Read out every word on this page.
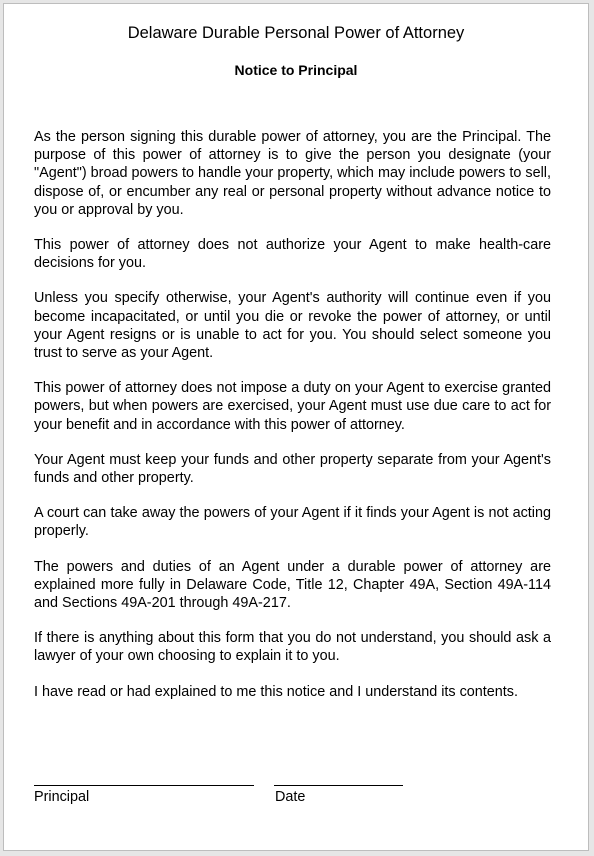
Delaware Durable Personal Power of Attorney
Notice to Principal

As the person signing this durable power of attorney, you are the Principal. The purpose of this power of attorney is to give the person you designate (your "Agent") broad powers to handle your property, which may include powers to sell, dispose of, or encumber any real or personal property without advance notice to you or approval by you.

This power of attorney does not authorize your Agent to make health-care decisions for you.

Unless you specify otherwise, your Agent's authority will continue even if you become incapacitated, or until you die or revoke the power of attorney, or until your Agent resigns or is unable to act for you. You should select someone you trust to serve as your Agent.

This power of attorney does not impose a duty on your Agent to exercise granted powers, but when powers are exercised, your Agent must use due care to act for your benefit and in accordance with this power of attorney.

Your Agent must keep your funds and other property separate from your Agent's funds and other property.

A court can take away the powers of your Agent if it finds your Agent is not acting properly.

The powers and duties of an Agent under a durable power of attorney are explained more fully in Delaware Code, Title 12, Chapter 49A, Section 49A-114 and Sections 49A-201 through 49A-217.

If there is anything about this form that you do not understand, you should ask a lawyer of your own choosing to explain it to you.

I have read or had explained to me this notice and I understand its contents.

Principal	Date
